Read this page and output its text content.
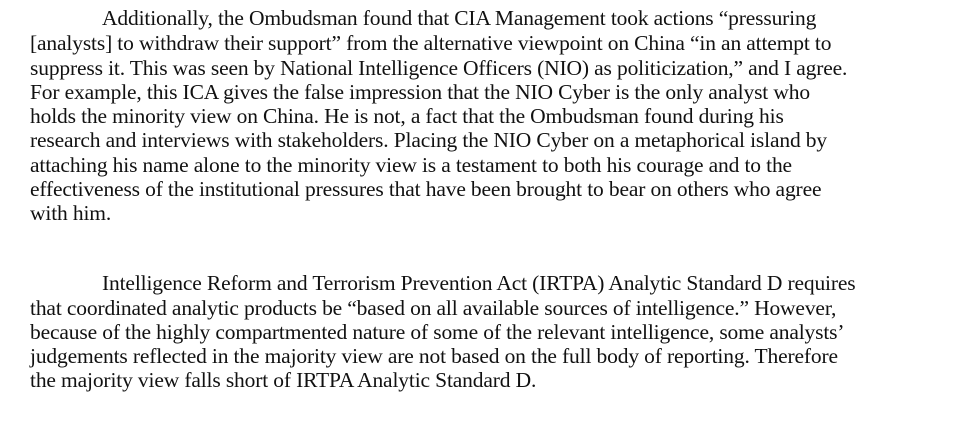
Additionally, the Ombudsman found that CIA Management took actions “pressuring
[analysts] to withdraw their support” from the alternative viewpoint on China “in an attempt to
suppress it. This was seen by National Intelligence Officers (NIO) as politicization,” and I agree.
For example, this ICA gives the false impression that the NIO Cyber is the only analyst who
holds the minority view on China. He is not, a fact that the Ombudsman found during his
research and interviews with stakeholders. Placing the NIO Cyber on a metaphorical island by
attaching his name alone to the minority view is a testament to both his courage and to the
effectiveness of the institutional pressures that have been brought to bear on others who agree
with him.
Intelligence Reform and Terrorism Prevention Act (IRTPA) Analytic Standard D requires
that coordinated analytic products be “based on all available sources of intelligence.” However,
because of the highly compartmented nature of some of the relevant intelligence, some analysts’
judgements reflected in the majority view are not based on the full body of reporting. Therefore
the majority view falls short of IRTPA Analytic Standard D.
